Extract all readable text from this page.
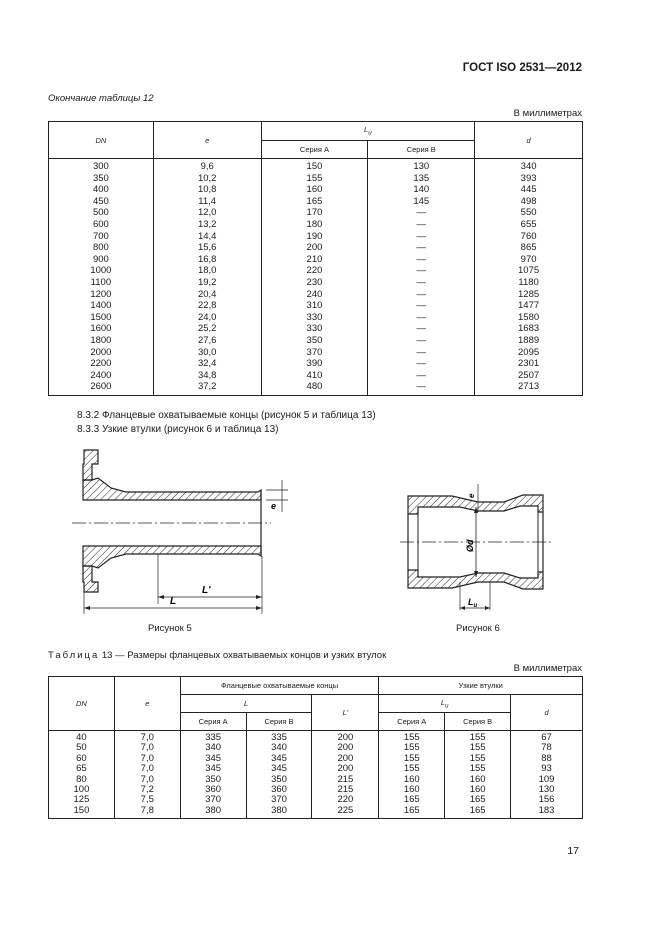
ГОСТ ISO 2531—2012
Окончание таблицы 12
В миллиметрах
DN	e	$L_u$		d
		Серия A	Серия B	
300	9,6	150	130	340
350	10,2	155	135	393
400	10,8	160	140	445
450	11,4	165	145	498
500	12,0	170	—	550
600	13,2	180	—	655
700	14,4	190	—	760
800	15,6	200	—	865
900	16,8	210	—	970
1000	18,0	220	—	1075
1100	19,2	230	—	1180
1200	20,4	240	—	1285
1400	22,8	310	—	1477
1500	24,0	330	—	1580
1600	25,2	330	—	1683
1800	27,6	350	—	1889
2000	30,0	370	—	2095
2200	32,4	390	—	2301
2400	34,8	410	—	2507
2600	37,2	480	—	2713
8.3.2 Фланцевые охватываемые концы (рисунок 5 и таблица 13)
8.3.3 Узкие втулки (рисунок 6 и таблица 13)
e
L'
L
Рисунок 5
Ød
e
$L_u$
Рисунок 6
Таблица 13 — Размеры фланцевых охватываемых концов и узких втулок
В миллиметрах
DN	e	Фланцевые охватываемые концы			Узкие втулки		
		L		L'	$L_u$		d
		Серия A	Серия B		Серия A	Серия B	
40	7,0	335	335	200	155	155	67
50	7,0	340	340	200	155	155	78
60	7,0	345	345	200	155	155	88
65	7,0	345	345	200	155	155	93
80	7,0	350	350	215	160	160	109
100	7,2	360	360	215	160	160	130
125	7,5	370	370	220	165	165	156
150	7,8	380	380	225	165	165	183
17
